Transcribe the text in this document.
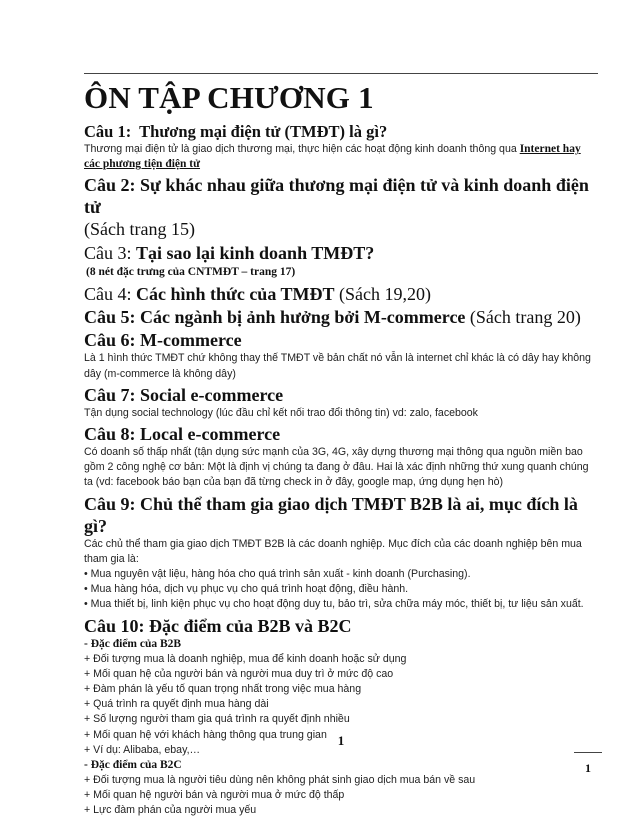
ÔN TẬP CHƯƠNG 1

Câu 1: Thương mại điện tử (TMĐT) là gì?

Thương mại điện tử là giao dịch thương mại, thực hiện các hoạt động kinh doanh thông qua Internet hay các phương tiện điện tử

Câu 2: Sự khác nhau giữa thương mại điện tử và kinh doanh điện tử

(Sách trang 15)

Câu 3: Tại sao lại kinh doanh TMĐT?

(8 nét đặc trưng của CNTMĐT – trang 17)

Câu 4: Các hình thức của TMĐT (Sách 19,20)

Câu 5: Các ngành bị ảnh hưởng bởi M-commerce (Sách trang 20)

Câu 6: M-commerce

Là 1 hình thức TMĐT chứ không thay thế TMĐT về bản chất nó vẫn là internet chỉ khác là có dây hay không dây (m-commerce là không dây)

Câu 7: Social e-commerce

Tận dụng social technology (lúc đầu chỉ kết nối trao đổi thông tin) vd: zalo, facebook

Câu 8: Local e-commerce

Có doanh số thấp nhất (tận dụng sức mạnh của 3G, 4G, xây dựng thương mại thông qua nguồn miền bao gồm 2 công nghệ cơ bản: Một là định vị chúng ta đang ở đâu. Hai là xác định những thứ xung quanh chúng ta (vd: facebook báo bạn của bạn đã từng check in ở đây, google map, ứng dụng hẹn hò)

Câu 9: Chủ thể tham gia giao dịch TMĐT B2B là ai, mục đích là gì?

Các chủ thể tham gia giao dịch TMĐT B2B là các doanh nghiệp. Mục đích của các doanh nghiệp bên mua tham gia là:

• Mua nguyên vật liệu, hàng hóa cho quá trình sản xuất - kinh doanh (Purchasing).

• Mua hàng hóa, dịch vụ phục vụ cho quá trình hoạt động, điều hành.

• Mua thiết bị, linh kiện phục vụ cho hoạt động duy tu, bảo trì, sửa chữa máy móc, thiết bị, tư liệu sản xuất.

Câu 10: Đặc điểm của B2B và B2C

- Đặc điểm của B2B

+ Đối tượng mua là doanh nghiệp, mua để kinh doanh hoặc sử dụng

+ Mối quan hệ của người bán và người mua duy trì ở mức độ cao

+ Đàm phán là yếu tố quan trọng nhất trong việc mua hàng

+ Quá trình ra quyết định mua hàng dài

+ Số lượng người tham gia quá trình ra quyết định nhiều

+ Mối quan hệ với khách hàng thông qua trung gian

+ Ví dụ: Alibaba, ebay,…

- Đặc điểm của B2C

+ Đối tượng mua là người tiêu dùng nên không phát sinh giao dịch mua bán về sau

+ Mối quan hệ người bán và người mua ở mức độ thấp

+ Lực đàm phán của người mua yếu

1
1
